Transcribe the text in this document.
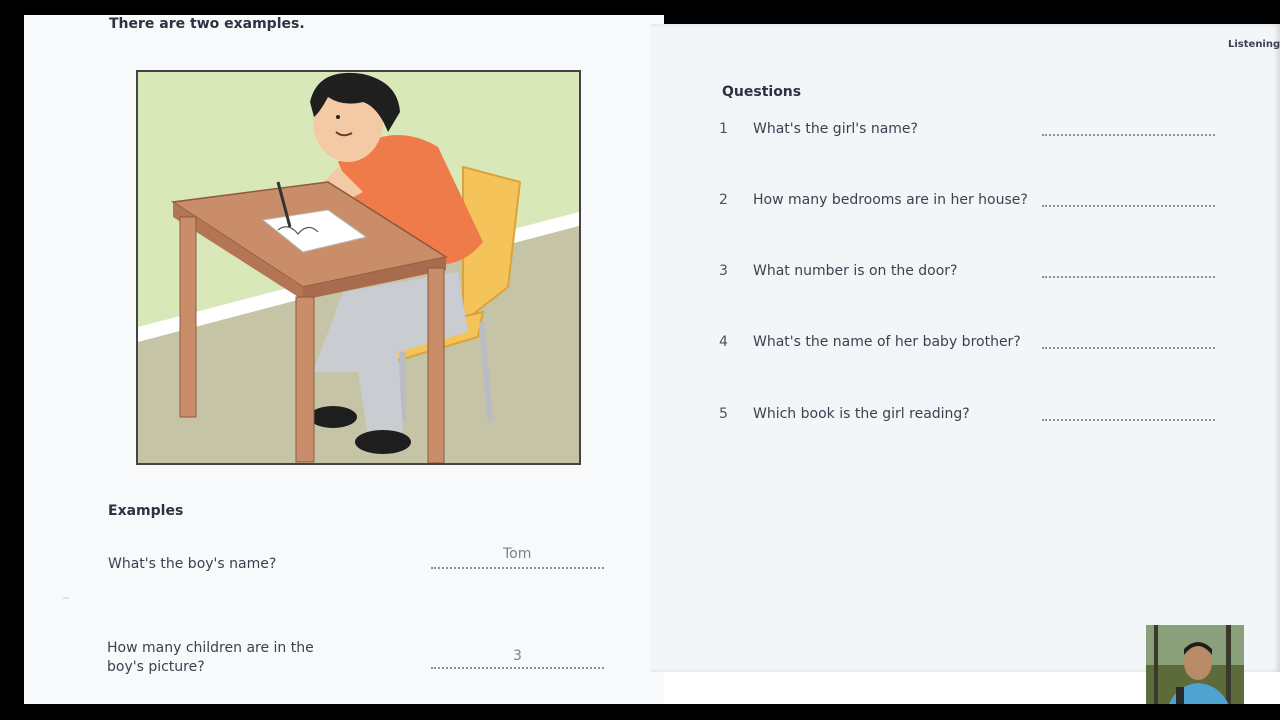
There are two examples.
Examples
What's the boy's name?
Tom
How many children are in the boy's picture?
3
~
Listening
Questions
1 What's the girl's name?
2 How many bedrooms are in her house?
3 What number is on the door?
4 What's the name of her baby brother?
5 Which book is the girl reading?
